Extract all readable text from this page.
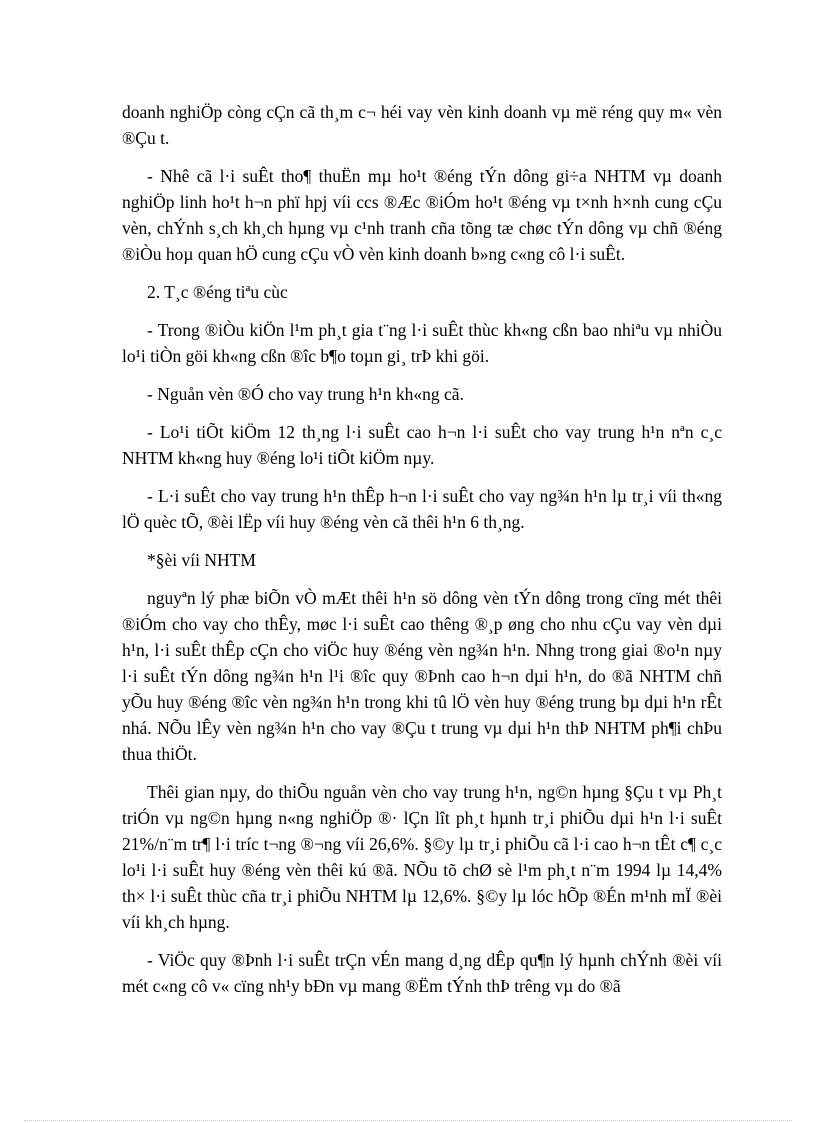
doanh nghiÖp còng cÇn cã th¸m c¬ héi vay vèn kinh doanh vµ më réng quy m« vèn ®Çu t.

- Nhê cã l·i suÊt tho¶ thuËn mµ ho¹t ®éng tÝn dông gi÷a NHTM vµ doanh nghiÖp linh ho¹t h¬n phï hpj víi ccs ®Æc ®iÓm ho¹t ®éng vµ t×nh h×nh cung cÇu vèn, chÝnh s¸ch kh¸ch hµng vµ c¹nh tranh cña tõng tæ chøc tÝn dông vµ chñ ®éng ®iÒu hoµ quan hÖ cung cÇu vÒ vèn kinh doanh b»ng c«ng cô l·i suÊt.

2. T¸c ®éng tiªu cùc

- Trong ®iÒu kiÖn l¹m ph¸t gia t¨ng l·i suÊt thùc kh«ng cßn bao nhiªu vµ nhiÒu lo¹i tiÒn göi kh«ng cßn ®îc b¶o toµn gi¸ trÞ khi göi.

- Nguån vèn ®Ó cho vay trung h¹n kh«ng cã.

- Lo¹i tiÕt kiÖm 12 th¸ng l·i suÊt cao h¬n l·i suÊt cho vay trung h¹n nªn c¸c NHTM kh«ng huy ®éng lo¹i tiÕt kiÖm nµy.

- L·i suÊt cho vay trung h¹n thÊp h¬n l·i suÊt cho vay ng¾n h¹n lµ tr¸i víi th«ng lÖ quèc tÕ, ®èi lËp víi huy ®éng vèn cã thêi h¹n 6 th¸ng.

*§èi víi NHTM

nguyªn lý phæ biÕn vÒ mÆt thêi h¹n sö dông vèn tÝn dông trong cïng mét thêi ®iÓm cho vay cho thÊy, møc l·i suÊt cao thêng ®¸p øng cho nhu cÇu vay vèn dµi h¹n, l·i suÊt thÊp cÇn cho viÖc huy ®éng vèn ng¾n h¹n. Nhng trong giai ®o¹n nµy l·i suÊt tÝn dông ng¾n h¹n l¹i ®îc quy ®Þnh cao h¬n dµi h¹n, do ®ã NHTM chñ yÕu huy ®éng ®îc vèn ng¾n h¹n trong khi tû lÖ vèn huy ®éng trung bµ dµi h¹n rÊt nhá. NÕu lÊy vèn ng¾n h¹n cho vay ®Çu t trung vµ dµi h¹n thÞ NHTM ph¶i chÞu thua thiÖt.

Thêi gian nµy, do thiÕu nguån vèn cho vay trung h¹n, ng©n hµng §Çu t vµ Ph¸t triÓn vµ ng©n hµng n«ng nghiÖp ®· lÇn lît ph¸t hµnh tr¸i phiÕu dµi h¹n l·i suÊt 21%/n¨m tr¶ l·i tríc t¬ng ®¬ng víi 26,6%. §©y lµ tr¸i phiÕu cã l·i cao h¬n tÊt c¶ c¸c lo¹i l·i suÊt huy ®éng vèn thêi kú ®ã. NÕu tõ chØ sè l¹m ph¸t n¨m 1994 lµ 14,4% th× l·i suÊt thùc cña tr¸i phiÕu NHTM lµ 12,6%. §©y lµ lóc hÕp ®Én m¹nh mÏ ®èi víi kh¸ch hµng.

- ViÖc quy ®Þnh l·i suÊt trÇn vÉn mang d¸ng dÊp qu¶n lý hµnh chÝnh ®èi víi mét c«ng cô v« cïng nh¹y bÐn vµ mang ®Ëm tÝnh thÞ trêng vµ do ®ã
